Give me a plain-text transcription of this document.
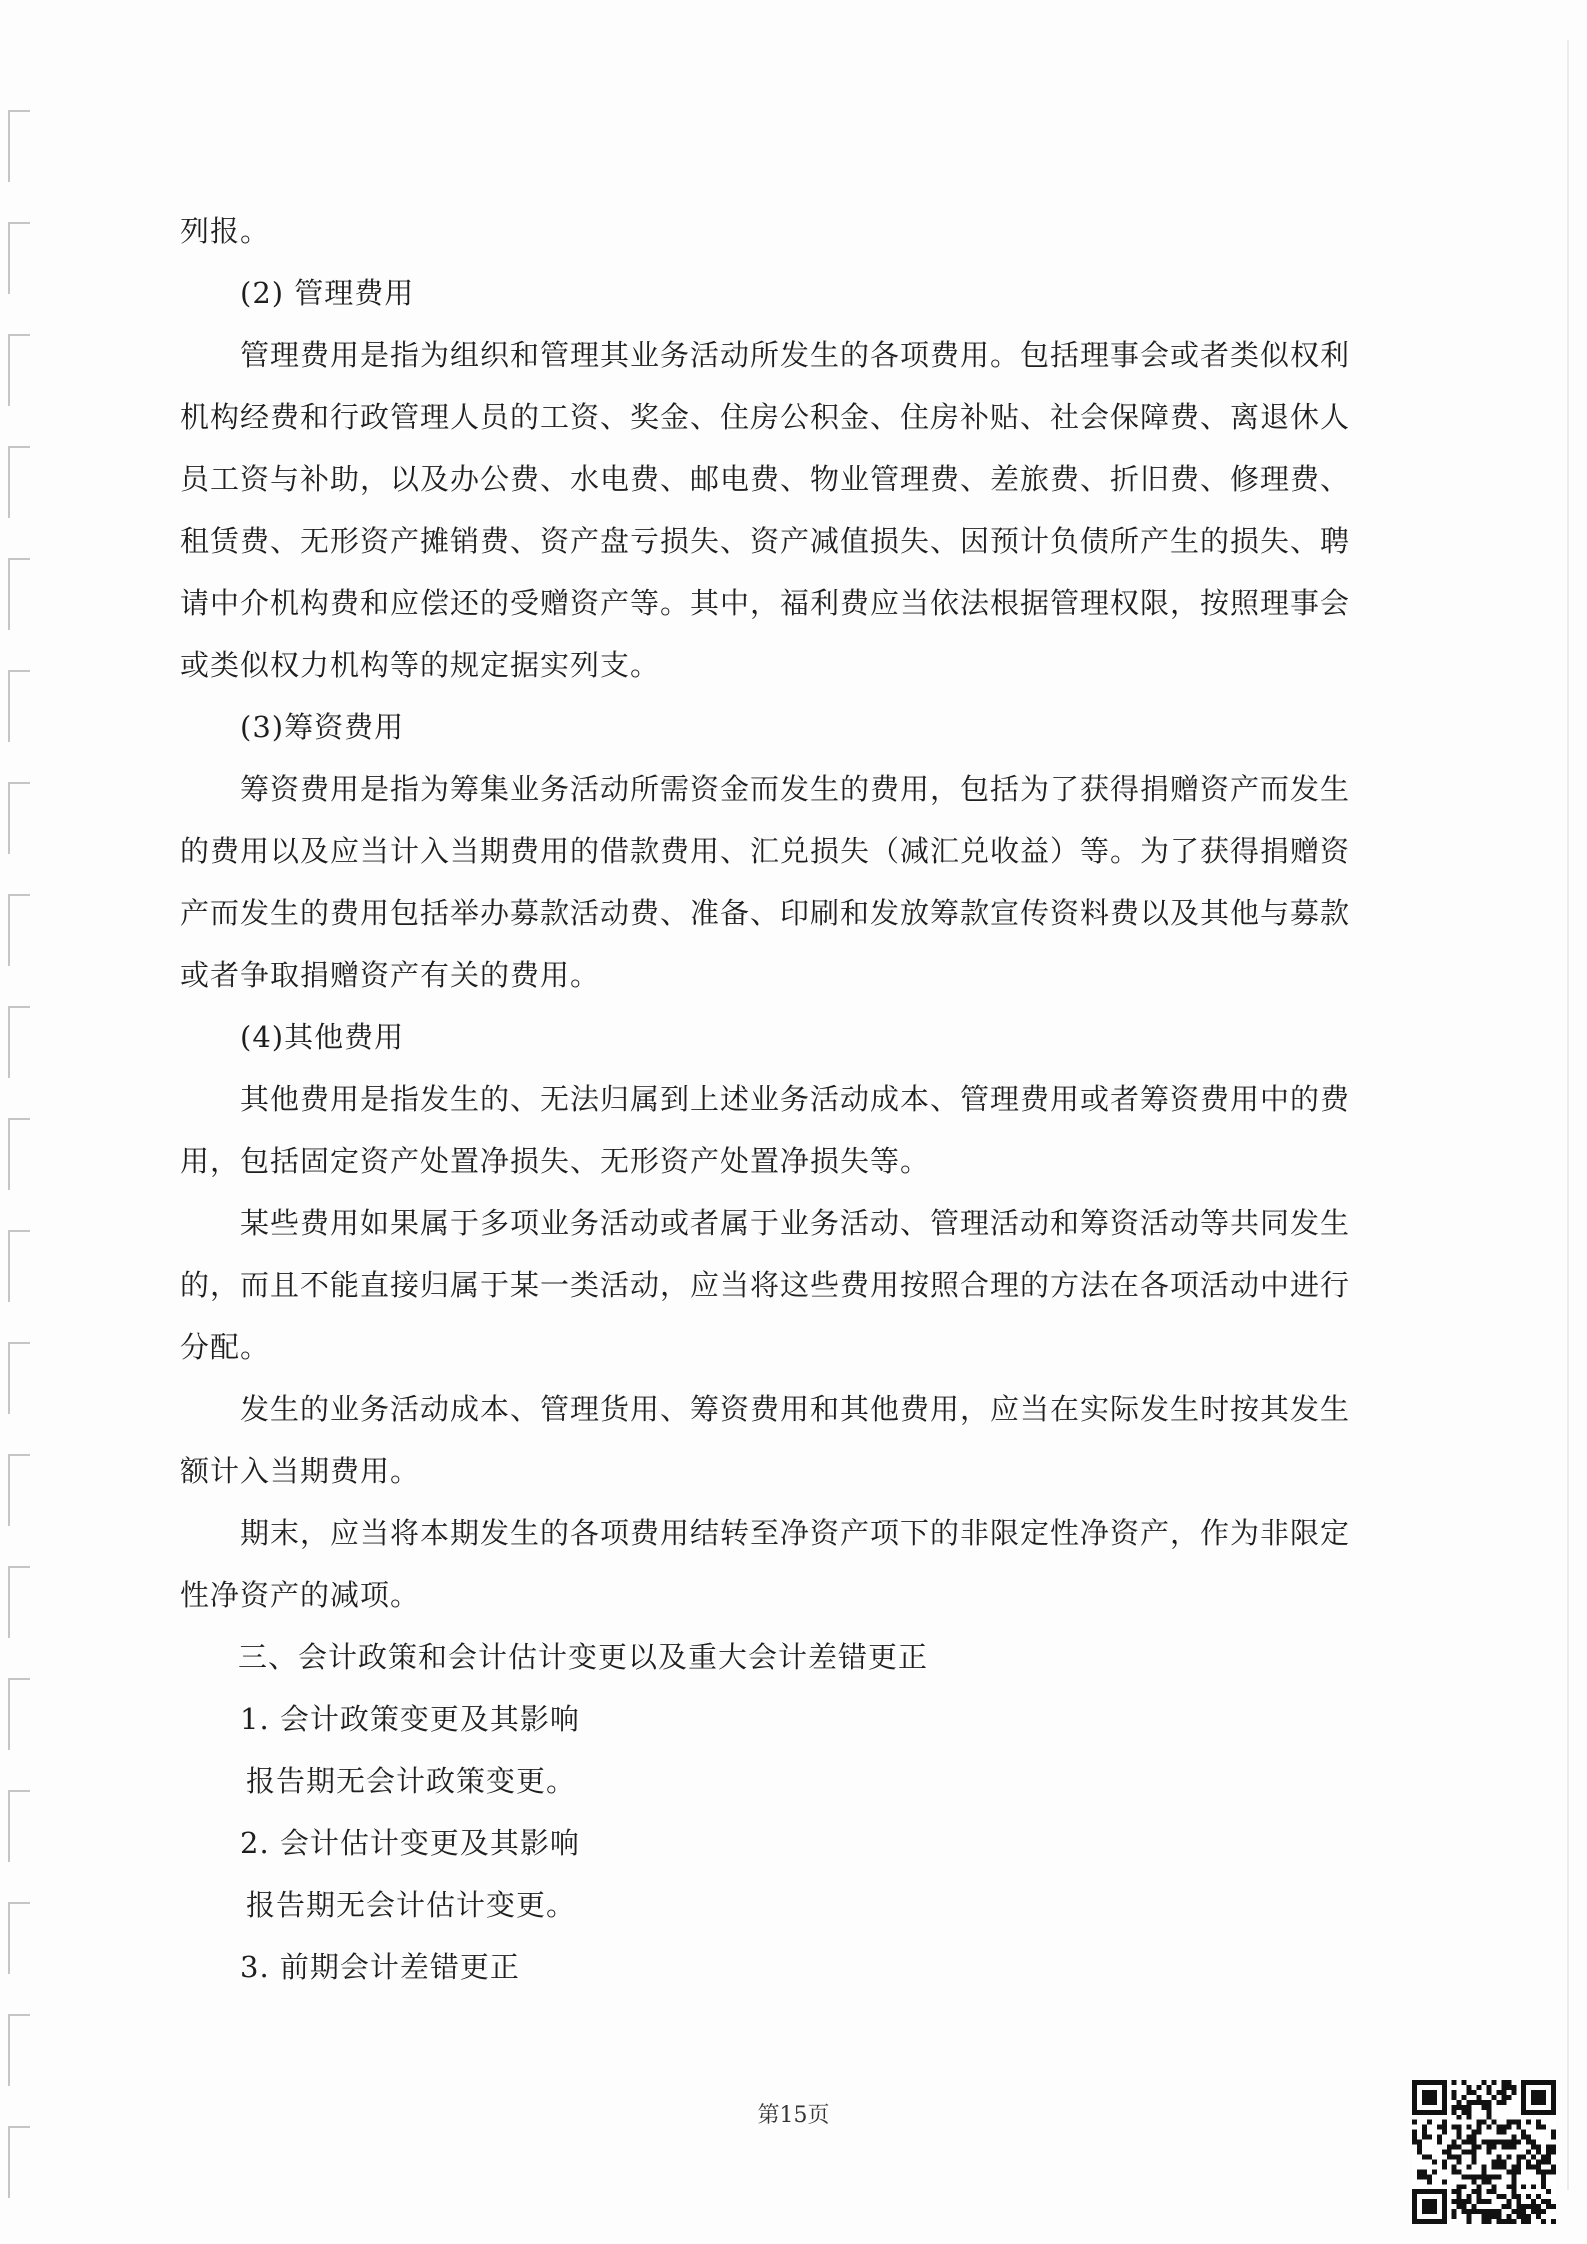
列报。
(2) 管理费用
管理费用是指为组织和管理其业务活动所发生的各项费用。包括理事会或者类似权利
机构经费和行政管理人员的工资、奖金、住房公积金、住房补贴、社会保障费、离退休人
员工资与补助，以及办公费、水电费、邮电费、物业管理费、差旅费、折旧费、修理费、
租赁费、无形资产摊销费、资产盘亏损失、资产减值损失、因预计负债所产生的损失、聘
请中介机构费和应偿还的受赠资产等。其中，福利费应当依法根据管理权限，按照理事会
或类似权力机构等的规定据实列支。
(3)筹资费用
筹资费用是指为筹集业务活动所需资金而发生的费用，包括为了获得捐赠资产而发生
的费用以及应当计入当期费用的借款费用、汇兑损失（减汇兑收益）等。为了获得捐赠资
产而发生的费用包括举办募款活动费、准备、印刷和发放筹款宣传资料费以及其他与募款
或者争取捐赠资产有关的费用。
(4)其他费用
其他费用是指发生的、无法归属到上述业务活动成本、管理费用或者筹资费用中的费
用，包括固定资产处置净损失、无形资产处置净损失等。
某些费用如果属于多项业务活动或者属于业务活动、管理活动和筹资活动等共同发生
的，而且不能直接归属于某一类活动，应当将这些费用按照合理的方法在各项活动中进行
分配。
发生的业务活动成本、管理货用、筹资费用和其他费用，应当在实际发生时按其发生
额计入当期费用。
期末，应当将本期发生的各项费用结转至净资产项下的非限定性净资产，作为非限定
性净资产的减项。
三、会计政策和会计估计变更以及重大会计差错更正
1. 会计政策变更及其影响
报告期无会计政策变更。
2. 会计估计变更及其影响
报告期无会计估计变更。
3. 前期会计差错更正
第15页
